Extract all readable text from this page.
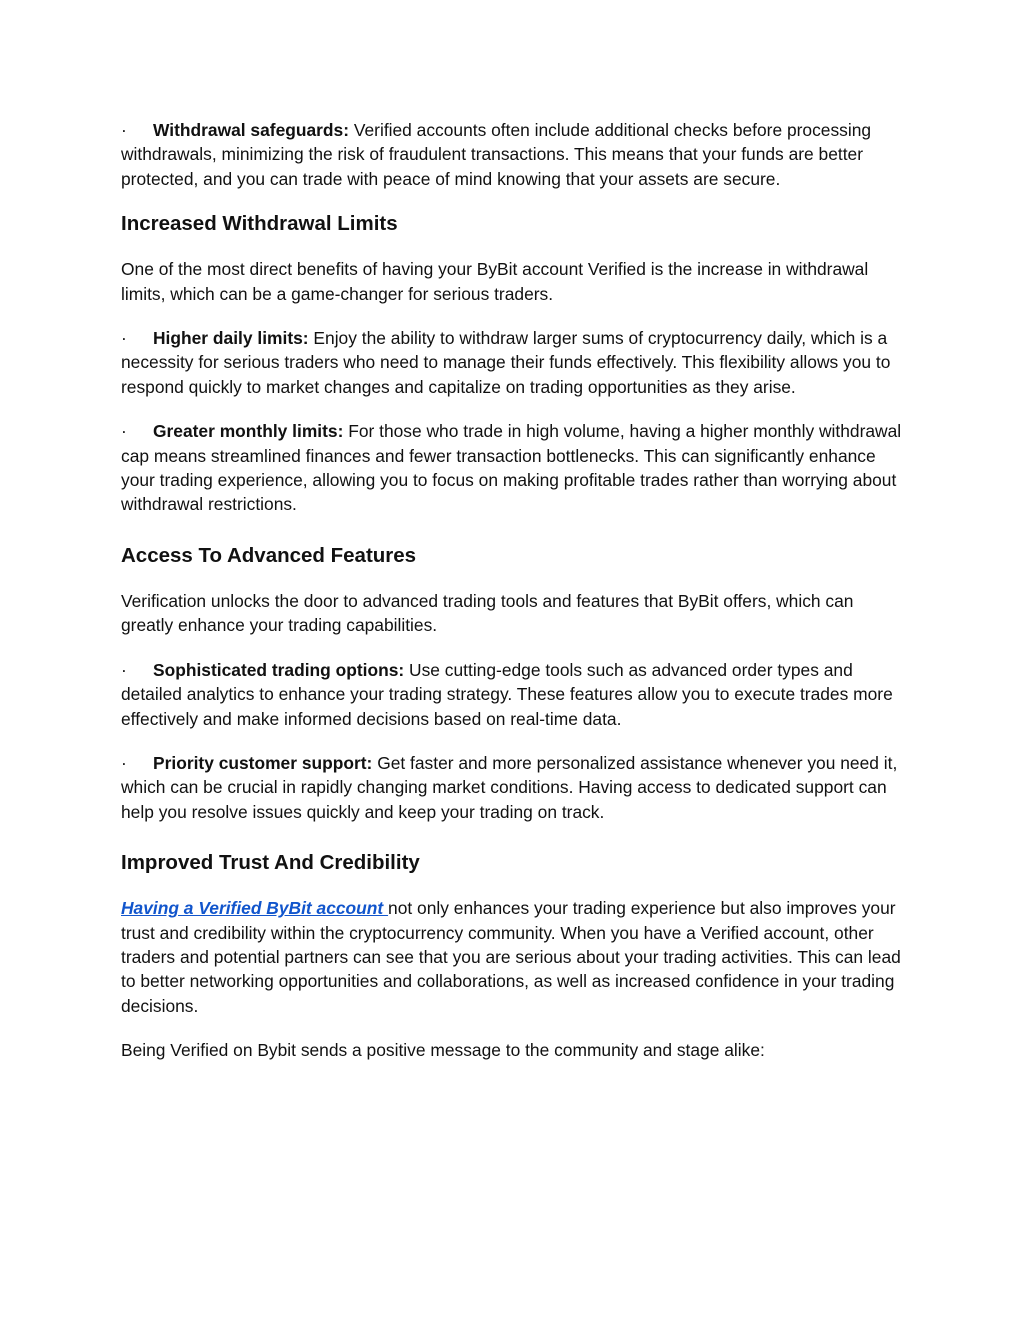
· Withdrawal safeguards: Verified accounts often include additional checks before processing withdrawals, minimizing the risk of fraudulent transactions. This means that your funds are better protected, and you can trade with peace of mind knowing that your assets are secure.

Increased Withdrawal Limits

One of the most direct benefits of having your ByBit account Verified is the increase in withdrawal limits, which can be a game-changer for serious traders.

· Higher daily limits: Enjoy the ability to withdraw larger sums of cryptocurrency daily, which is a necessity for serious traders who need to manage their funds effectively. This flexibility allows you to respond quickly to market changes and capitalize on trading opportunities as they arise.

· Greater monthly limits: For those who trade in high volume, having a higher monthly withdrawal cap means streamlined finances and fewer transaction bottlenecks. This can significantly enhance your trading experience, allowing you to focus on making profitable trades rather than worrying about withdrawal restrictions.

Access To Advanced Features

Verification unlocks the door to advanced trading tools and features that ByBit offers, which can greatly enhance your trading capabilities.

· Sophisticated trading options: Use cutting-edge tools such as advanced order types and detailed analytics to enhance your trading strategy. These features allow you to execute trades more effectively and make informed decisions based on real-time data.

· Priority customer support: Get faster and more personalized assistance whenever you need it, which can be crucial in rapidly changing market conditions. Having access to dedicated support can help you resolve issues quickly and keep your trading on track.

Improved Trust And Credibility

Having a Verified ByBit account not only enhances your trading experience but also improves your trust and credibility within the cryptocurrency community. When you have a Verified account, other traders and potential partners can see that you are serious about your trading activities. This can lead to better networking opportunities and collaborations, as well as increased confidence in your trading decisions.

Being Verified on Bybit sends a positive message to the community and stage alike:
